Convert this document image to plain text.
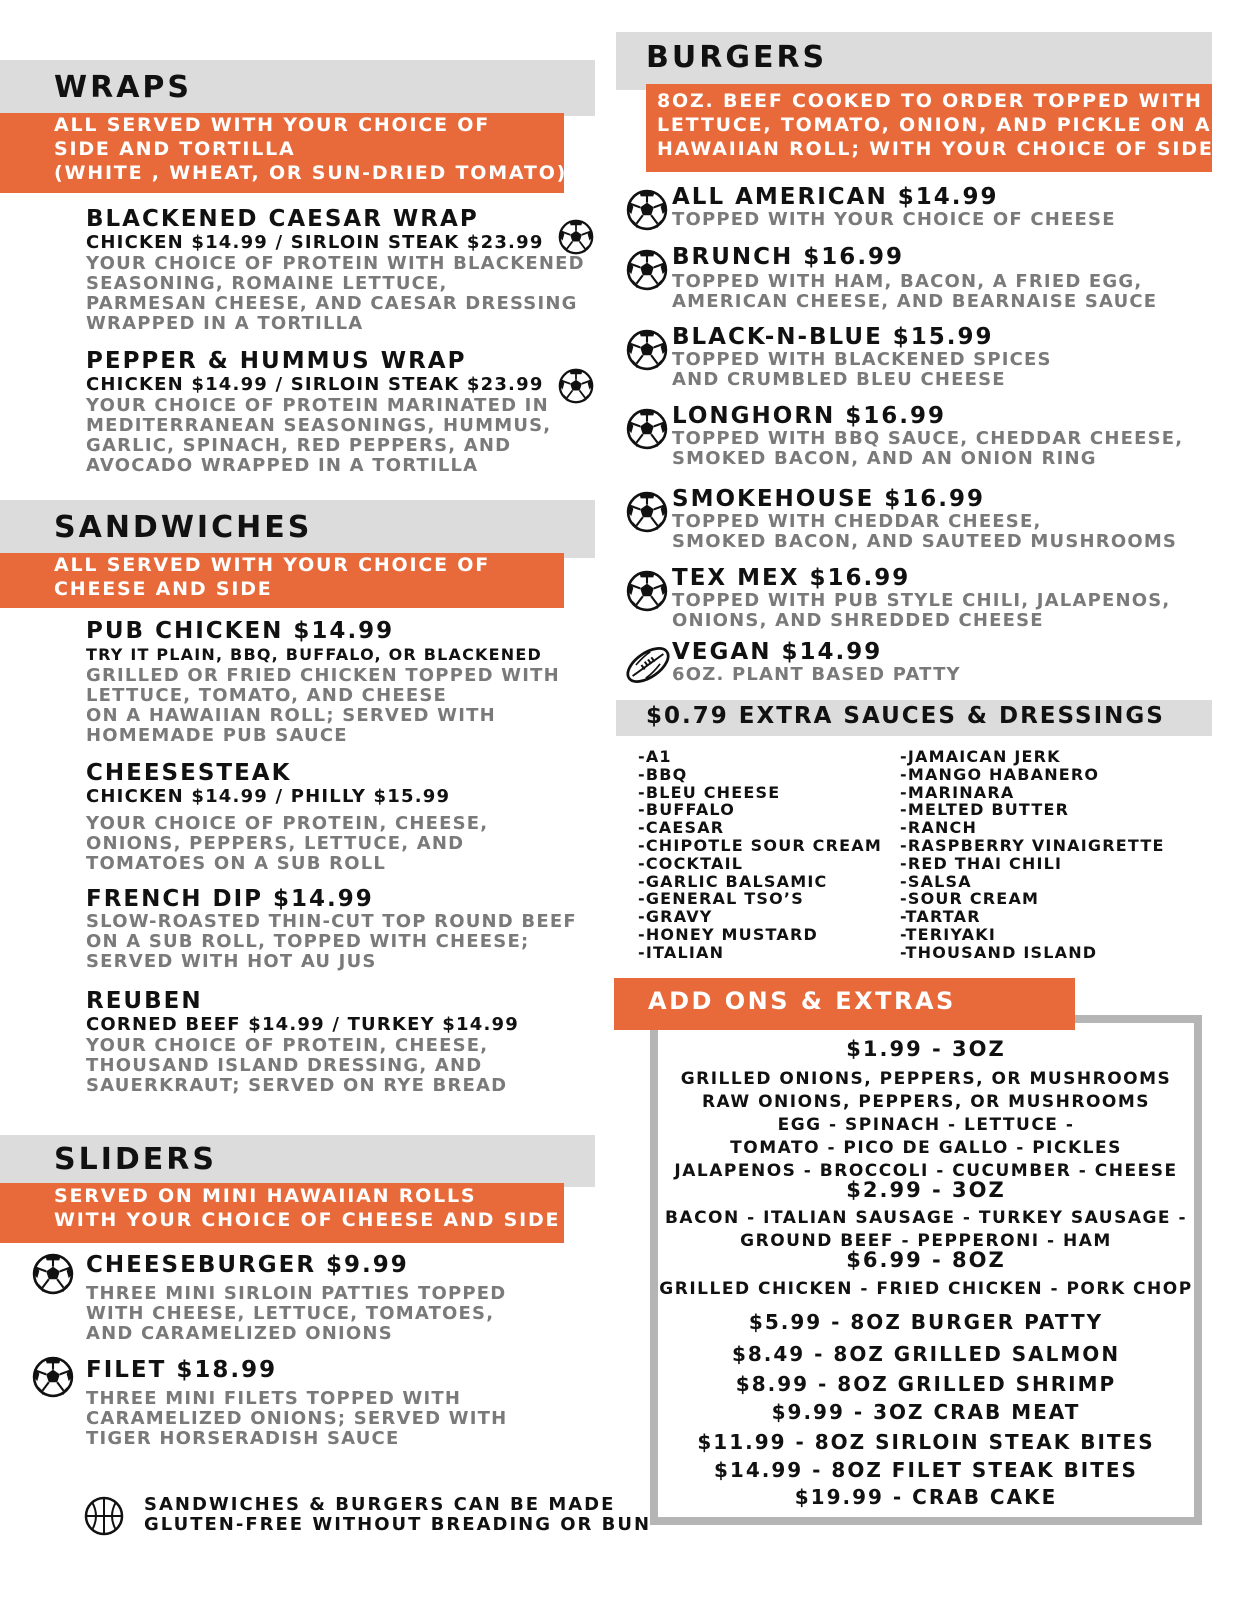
WRAPS
ALL SERVED WITH YOUR CHOICE OF
SIDE AND TORTILLA
(WHITE , WHEAT, OR SUN-DRIED TOMATO)
BLACKENED CAESAR WRAP
CHICKEN $14.99 / SIRLOIN STEAK $23.99
YOUR CHOICE OF PROTEIN WITH BLACKENED
SEASONING, ROMAINE LETTUCE,
PARMESAN CHEESE, AND CAESAR DRESSING
WRAPPED IN A TORTILLA
PEPPER & HUMMUS WRAP
CHICKEN $14.99 / SIRLOIN STEAK $23.99
YOUR CHOICE OF PROTEIN MARINATED IN
MEDITERRANEAN SEASONINGS, HUMMUS,
GARLIC, SPINACH, RED PEPPERS, AND
AVOCADO WRAPPED IN A TORTILLA
SANDWICHES
ALL SERVED WITH YOUR CHOICE OF
CHEESE AND SIDE
PUB CHICKEN $14.99
TRY IT PLAIN, BBQ, BUFFALO, OR BLACKENED
GRILLED OR FRIED CHICKEN TOPPED WITH
LETTUCE, TOMATO, AND CHEESE
ON A HAWAIIAN ROLL; SERVED WITH
HOMEMADE PUB SAUCE
CHEESESTEAK
CHICKEN $14.99 / PHILLY $15.99
YOUR CHOICE OF PROTEIN, CHEESE,
ONIONS, PEPPERS, LETTUCE, AND
TOMATOES ON A SUB ROLL
FRENCH DIP $14.99
SLOW-ROASTED THIN-CUT TOP ROUND BEEF
ON A SUB ROLL, TOPPED WITH CHEESE;
SERVED WITH HOT AU JUS
REUBEN
CORNED BEEF $14.99 / TURKEY $14.99
YOUR CHOICE OF PROTEIN, CHEESE,
THOUSAND ISLAND DRESSING, AND
SAUERKRAUT; SERVED ON RYE BREAD
SLIDERS
SERVED ON MINI HAWAIIAN ROLLS
WITH YOUR CHOICE OF CHEESE AND SIDE
CHEESEBURGER $9.99
THREE MINI SIRLOIN PATTIES TOPPED
WITH CHEESE, LETTUCE, TOMATOES,
AND CARAMELIZED ONIONS
FILET $18.99
THREE MINI FILETS TOPPED WITH
CARAMELIZED ONIONS; SERVED WITH
TIGER HORSERADISH SAUCE
SANDWICHES & BURGERS CAN BE MADE
GLUTEN-FREE WITHOUT BREADING OR BUN
BURGERS
8OZ. BEEF COOKED TO ORDER TOPPED WITH
LETTUCE, TOMATO, ONION, AND PICKLE ON A
HAWAIIAN ROLL; WITH YOUR CHOICE OF SIDE
ALL AMERICAN $14.99
TOPPED WITH YOUR CHOICE OF CHEESE
BRUNCH $16.99
TOPPED WITH HAM, BACON, A FRIED EGG,
AMERICAN CHEESE, AND BEARNAISE SAUCE
BLACK-N-BLUE $15.99
TOPPED WITH BLACKENED SPICES
AND CRUMBLED BLEU CHEESE
LONGHORN $16.99
TOPPED WITH BBQ SAUCE, CHEDDAR CHEESE,
SMOKED BACON, AND AN ONION RING
SMOKEHOUSE $16.99
TOPPED WITH CHEDDAR CHEESE,
SMOKED BACON, AND SAUTEED MUSHROOMS
TEX MEX $16.99
TOPPED WITH PUB STYLE CHILI, JALAPENOS,
ONIONS, AND SHREDDED CHEESE
VEGAN $14.99
6OZ. PLANT BASED PATTY
$0.79 EXTRA SAUCES & DRESSINGS
-A1
-BBQ
-BLEU CHEESE
-BUFFALO
-CAESAR
-CHIPOTLE SOUR CREAM
-COCKTAIL
-GARLIC BALSAMIC
-GENERAL TSO’S
-GRAVY
-HONEY MUSTARD
-ITALIAN
-JAMAICAN JERK
-MANGO HABANERO
-MARINARA
-MELTED BUTTER
-RANCH
-RASPBERRY VINAIGRETTE
-RED THAI CHILI
-SALSA
-SOUR CREAM
-TARTAR
-TERIYAKI
-THOUSAND ISLAND
$1.99 - 3OZ
GRILLED ONIONS, PEPPERS, OR MUSHROOMS
RAW ONIONS, PEPPERS, OR MUSHROOMS
EGG - SPINACH - LETTUCE -
TOMATO - PICO DE GALLO - PICKLES
JALAPENOS - BROCCOLI - CUCUMBER - CHEESE
$2.99 - 3OZ
BACON - ITALIAN SAUSAGE - TURKEY SAUSAGE -
GROUND BEEF - PEPPERONI - HAM
$6.99 - 8OZ
GRILLED CHICKEN - FRIED CHICKEN - PORK CHOP
$5.99 - 8OZ BURGER PATTY
$8.49 - 8OZ GRILLED SALMON
$8.99 - 8OZ GRILLED SHRIMP
$9.99 - 3OZ CRAB MEAT
$11.99 - 8OZ SIRLOIN STEAK BITES
$14.99 - 8OZ FILET STEAK BITES
$19.99 - CRAB CAKE
ADD ONS & EXTRAS
